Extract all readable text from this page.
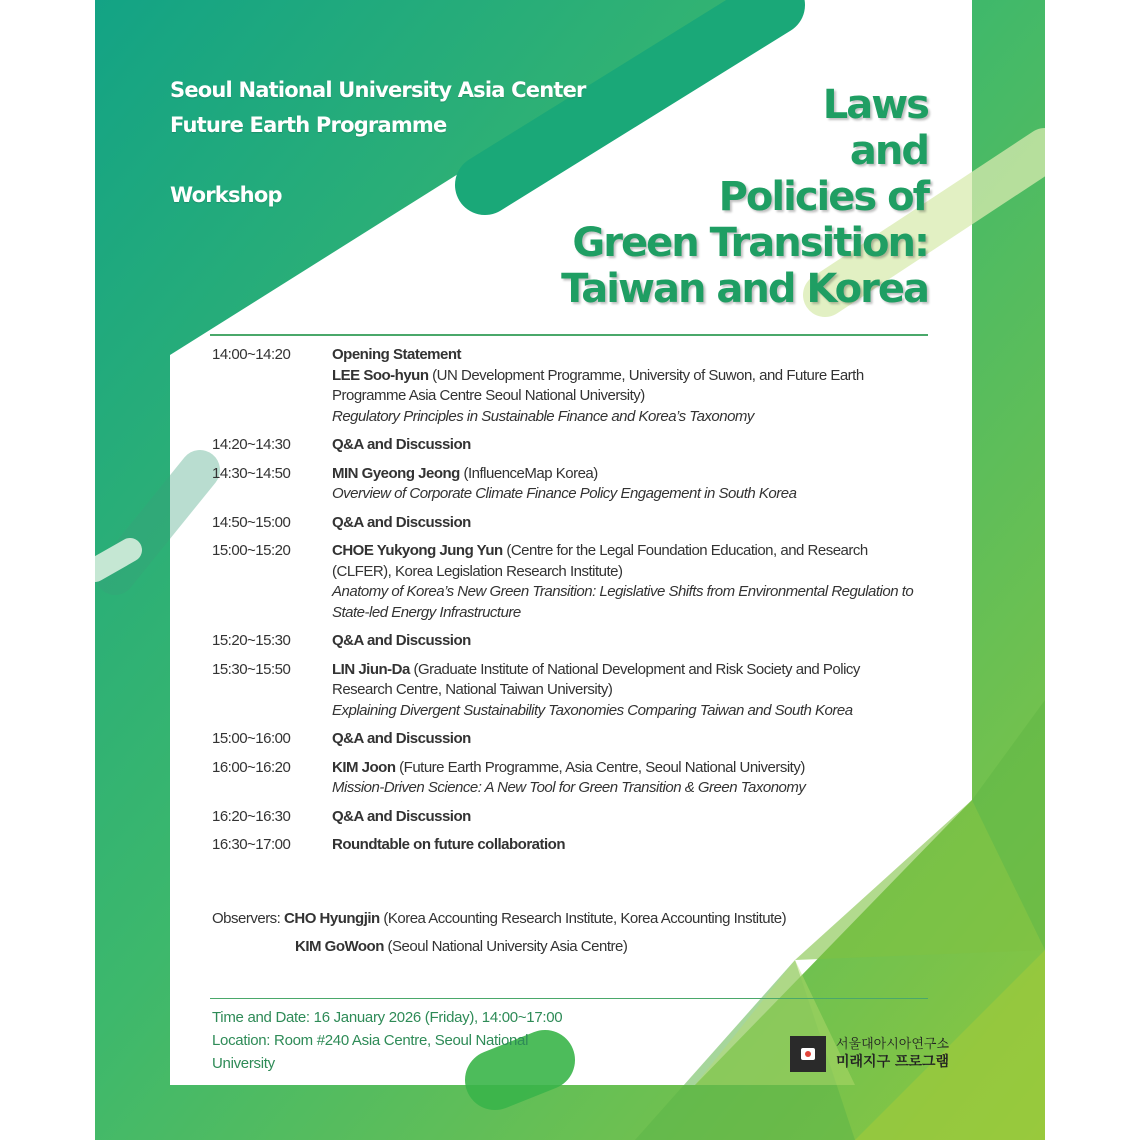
Seoul National University Asia Center
Future Earth Programme
Workshop
Laws
and
Policies of
Green Transition:
Taiwan and Korea
14:00~14:20	Opening Statement
LEE Soo-hyun (UN Development Programme, University of Suwon, and Future Earth Programme Asia Centre Seoul National University)
Regulatory Principles in Sustainable Finance and Korea’s Taxonomy
14:20~14:30	Q&A and Discussion
14:30~14:50	MIN Gyeong Jeong (InfluenceMap Korea)
Overview of Corporate Climate Finance Policy Engagement in South Korea
14:50~15:00	Q&A and Discussion
15:00~15:20	CHOE Yukyong Jung Yun (Centre for the Legal Foundation Education, and Research (CLFER), Korea Legislation Research Institute)
Anatomy of Korea’s New Green Transition: Legislative Shifts from Environmental Regulation to State-led Energy Infrastructure
15:20~15:30	Q&A and Discussion
15:30~15:50	LIN Jiun-Da (Graduate Institute of National Development and Risk Society and Policy Research Centre, National Taiwan University)
Explaining Divergent Sustainability Taxonomies Comparing Taiwan and South Korea
15:00~16:00	Q&A and Discussion
16:00~16:20	KIM Joon (Future Earth Programme, Asia Centre, Seoul National University)
Mission-Driven Science: A New Tool for Green Transition & Green Taxonomy
16:20~16:30	Q&A and Discussion
16:30~17:00	Roundtable on future collaboration
Observers: CHO Hyungjin (Korea Accounting Research Institute, Korea Accounting Institute)
KIM GoWoon (Seoul National University Asia Centre)
Time and Date: 16 January 2026 (Friday), 14:00~17:00
Location: Room #240 Asia Centre, Seoul National University
서울대아시아연구소
미래지구 프로그램
